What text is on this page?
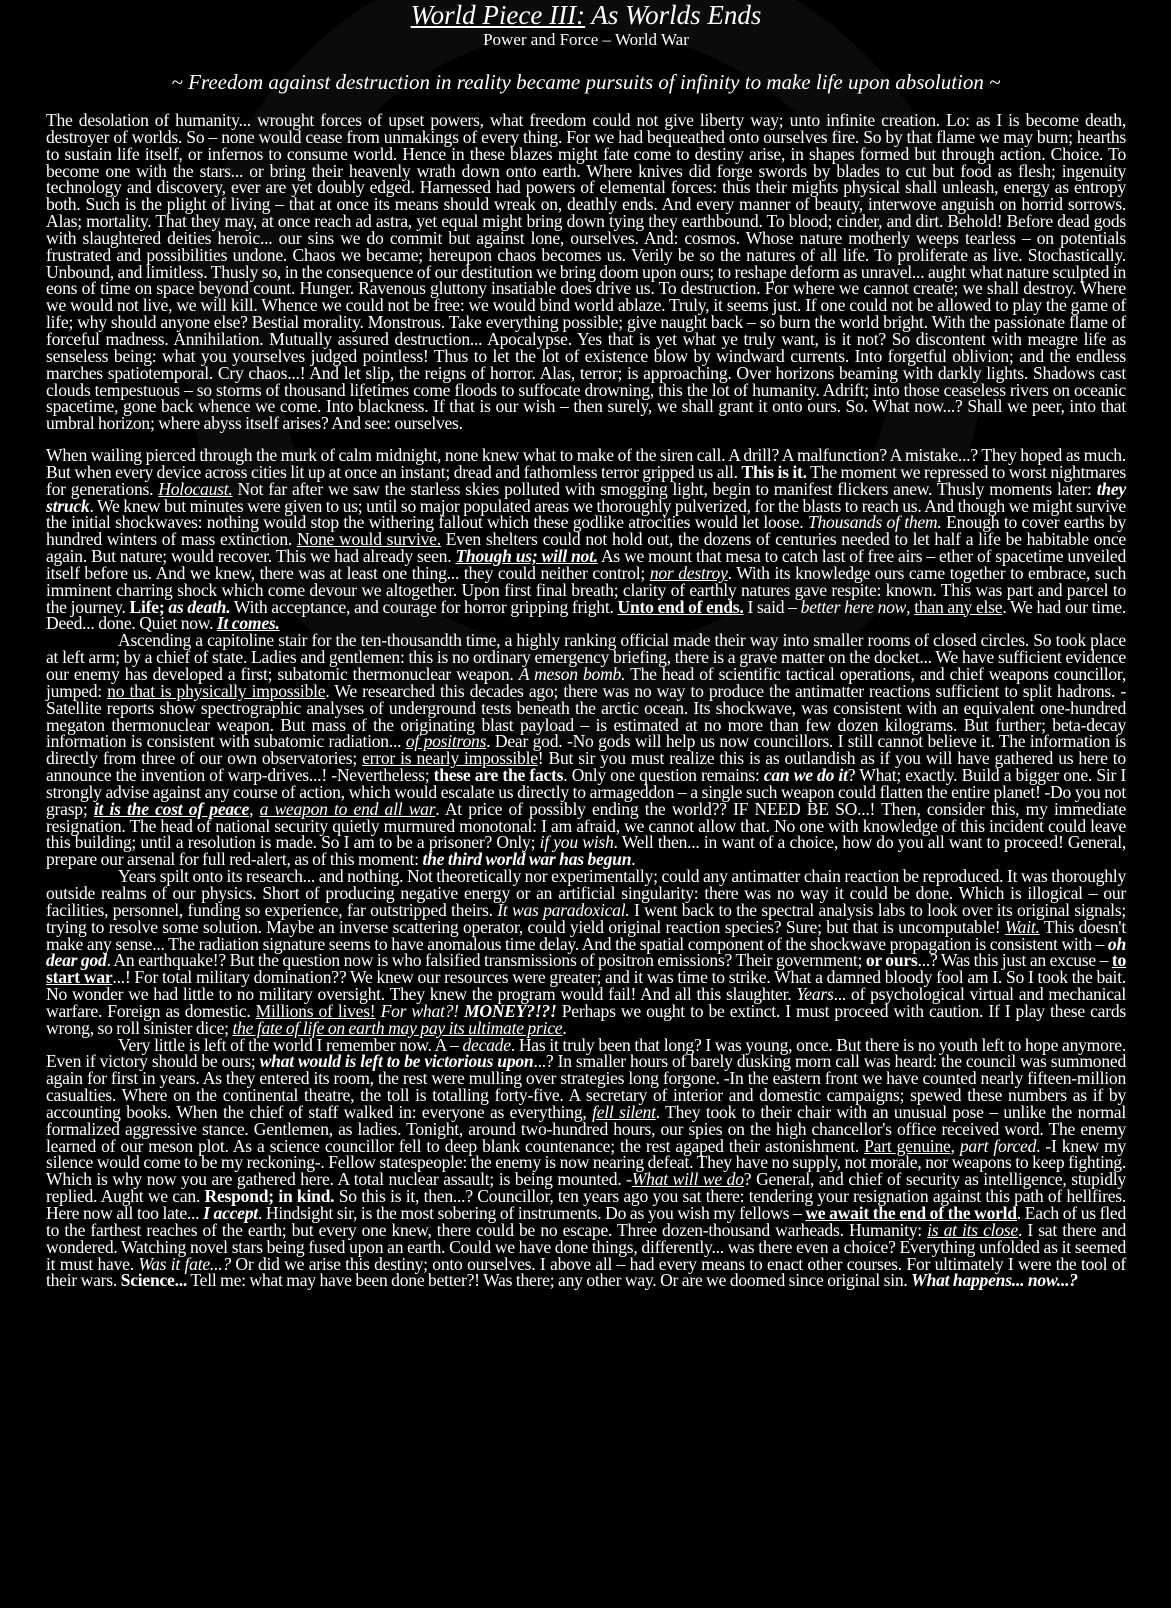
World Piece III: As Worlds Ends
Power and Force – World War
~ Freedom against destruction in reality became pursuits of infinity to make life upon absolution ~

The desolation of humanity... wrought forces of upset powers, what freedom could not give liberty way; unto infinite creation. Lo: as I is become death, destroyer of worlds. So – none would cease from unmakings of every thing. For we had bequeathed onto ourselves fire. So by that flame we may burn; hearths to sustain life itself, or infernos to consume world. Hence in these blazes might fate come to destiny arise, in shapes formed but through action. Choice. To become one with the stars... or bring their heavenly wrath down onto earth. Where knives did forge swords by blades to cut but food as flesh; ingenuity technology and discovery, ever are yet doubly edged. Harnessed had powers of elemental forces: thus their mights physical shall unleash, energy as entropy both. Such is the plight of living – that at once its means should wreak on, deathly ends. And every manner of beauty, interwove anguish on horrid sorrows. Alas; mortality. That they may, at once reach ad astra, yet equal might bring down tying they earthbound. To blood; cinder, and dirt. Behold! Before dead gods with slaughtered deities heroic... our sins we do commit but against lone, ourselves. And: cosmos. Whose nature motherly weeps tearless – on potentials frustrated and possibilities undone. Chaos we became; hereupon chaos becomes us. Verily be so the natures of all life. To proliferate as live. Stochastically. Unbound, and limitless. Thusly so, in the consequence of our destitution we bring doom upon ours; to reshape deform as unravel... aught what nature sculpted in eons of time on space beyond count. Hunger. Ravenous gluttony insatiable does drive us. To destruction. For where we cannot create; we shall destroy. Where we would not live, we will kill. Whence we could not be free: we would bind world ablaze. Truly, it seems just. If one could not be allowed to play the game of life; why should anyone else? Bestial morality. Monstrous. Take everything possible; give naught back – so burn the world bright. With the passionate flame of forceful madness. Annihilation. Mutually assured destruction... Apocalypse. Yes that is yet what ye truly want, is it not? So discontent with meagre life as senseless being: what you yourselves judged pointless! Thus to let the lot of existence blow by windward currents. Into forgetful oblivion; and the endless marches spatiotemporal. Cry chaos...! And let slip, the reigns of horror. Alas, terror; is approaching. Over horizons beaming with darkly lights. Shadows cast clouds tempestuous – so storms of thousand lifetimes come floods to suffocate drowning, this the lot of humanity. Adrift; into those ceaseless rivers on oceanic spacetime, gone back whence we come. Into blackness. If that is our wish – then surely, we shall grant it onto ours. So. What now...? Shall we peer, into that umbral horizon; where abyss itself arises? And see: ourselves.

When wailing pierced through the murk of calm midnight, none knew what to make of the siren call. A drill? A malfunction? A mistake...? They hoped as much. But when every device across cities lit up at once an instant; dread and fathomless terror gripped us all. This is it. The moment we repressed to worst nightmares for generations. Holocaust. Not far after we saw the starless skies polluted with smogging light, begin to manifest flickers anew. Thusly moments later: they struck. We knew but minutes were given to us; until so major populated areas we thoroughly pulverized, for the blasts to reach us. And though we might survive the initial shockwaves: nothing would stop the withering fallout which these godlike atrocities would let loose. Thousands of them. Enough to cover earths by hundred winters of mass extinction. None would survive. Even shelters could not hold out, the dozens of centuries needed to let half a life be habitable once again. But nature; would recover. This we had already seen. Though us; will not. As we mount that mesa to catch last of free airs – ether of spacetime unveiled itself before us. And we knew, there was at least one thing... they could neither control; nor destroy. With its knowledge ours came together to embrace, such imminent charring shock which come devour we altogether. Upon first final breath; clarity of earthly natures gave respite: known. This was part and parcel to the journey. Life; as death. With acceptance, and courage for horror gripping fright. Unto end of ends. I said – better here now, than any else. We had our time. Deed... done. Quiet now. It comes.

Ascending a capitoline stair for the ten-thousandth time, a highly ranking official made their way into smaller rooms of closed circles. So took place at left arm; by a chief of state. Ladies and gentlemen: this is no ordinary emergency briefing, there is a grave matter on the docket... We have sufficient evidence our enemy has developed a first; subatomic thermonuclear weapon. A meson bomb. The head of scientific tactical operations, and chief weapons councillor, jumped: no that is physically impossible. We researched this decades ago; there was no way to produce the antimatter reactions sufficient to split hadrons. -Satellite reports show spectrographic analyses of underground tests beneath the arctic ocean. Its shockwave, was consistent with an equivalent one-hundred megaton thermonuclear weapon. But mass of the originating blast payload – is estimated at no more than few dozen kilograms. But further; beta-decay information is consistent with subatomic radiation... of positrons. Dear god. -No gods will help us now councillors. I still cannot believe it. The information is directly from three of our own observatories; error is nearly impossible! But sir you must realize this is as outlandish as if you will have gathered us here to announce the invention of warp-drives...! -Nevertheless; these are the facts. Only one question remains: can we do it? What; exactly. Build a bigger one. Sir I strongly advise against any course of action, which would escalate us directly to armageddon – a single such weapon could flatten the entire planet! -Do you not grasp; it is the cost of peace, a weapon to end all war. At price of possibly ending the world?? IF NEED BE SO...! Then, consider this, my immediate resignation. The head of national security quietly murmured monotonal: I am afraid, we cannot allow that. No one with knowledge of this incident could leave this building; until a resolution is made. So I am to be a prisoner? Only; if you wish. Well then... in want of a choice, how do you all want to proceed! General, prepare our arsenal for full red-alert, as of this moment: the third world war has begun.

Years spilt onto its research... and nothing. Not theoretically nor experimentally; could any antimatter chain reaction be reproduced. It was thoroughly outside realms of our physics. Short of producing negative energy or an artificial singularity: there was no way it could be done. Which is illogical – our facilities, personnel, funding so experience, far outstripped theirs. It was paradoxical. I went back to the spectral analysis labs to look over its original signals; trying to resolve some solution. Maybe an inverse scattering operator, could yield original reaction species? Sure; but that is uncomputable! Wait. This doesn't make any sense... The radiation signature seems to have anomalous time delay. And the spatial component of the shockwave propagation is consistent with – oh dear god. An earthquake!? But the question now is who falsified transmissions of positron emissions? Their government; or ours...? Was this just an excuse – to start war...! For total military domination?? We knew our resources were greater; and it was time to strike. What a damned bloody fool am I. So I took the bait. No wonder we had little to no military oversight. They knew the program would fail! And all this slaughter. Years... of psychological virtual and mechanical warfare. Foreign as domestic. Millions of lives! For what?! MONEY?!?! Perhaps we ought to be extinct. I must proceed with caution. If I play these cards wrong, so roll sinister dice; the fate of life on earth may pay its ultimate price.

Very little is left of the world I remember now. A – decade. Has it truly been that long? I was young, once. But there is no youth left to hope anymore. Even if victory should be ours; what would is left to be victorious upon...? In smaller hours of barely dusking morn call was heard: the council was summoned again for first in years. As they entered its room, the rest were mulling over strategies long forgone. -In the eastern front we have counted nearly fifteen-million casualties. Where on the continental theatre, the toll is totalling forty-five. A secretary of interior and domestic campaigns; spewed these numbers as if by accounting books. When the chief of staff walked in: everyone as everything, fell silent. They took to their chair with an unusual pose – unlike the normal formalized aggressive stance. Gentlemen, as ladies. Tonight, around two-hundred hours, our spies on the high chancellor's office received word. The enemy learned of our meson plot. As a science councillor fell to deep blank countenance; the rest agaped their astonishment. Part genuine, part forced. -I knew my silence would come to be my reckoning-. Fellow statespeople: the enemy is now nearing defeat. They have no supply, not morale, nor weapons to keep fighting. Which is why now you are gathered here. A total nuclear assault; is being mounted. -What will we do? General, and chief of security as intelligence, stupidly replied. Aught we can. Respond; in kind. So this is it, then...? Councillor, ten years ago you sat there: tendering your resignation against this path of hellfires. Here now all too late... I accept. Hindsight sir, is the most sobering of instruments. Do as you wish my fellows – we await the end of the world. Each of us fled to the farthest reaches of the earth; but every one knew, there could be no escape. Three dozen-thousand warheads. Humanity: is at its close. I sat there and wondered. Watching novel stars being fused upon an earth. Could we have done things, differently... was there even a choice? Everything unfolded as it seemed it must have. Was it fate...? Or did we arise this destiny; onto ourselves. I above all – had every means to enact other courses. For ultimately I were the tool of their wars. Science... Tell me: what may have been done better?! Was there; any other way. Or are we doomed since original sin. What happens... now...?
